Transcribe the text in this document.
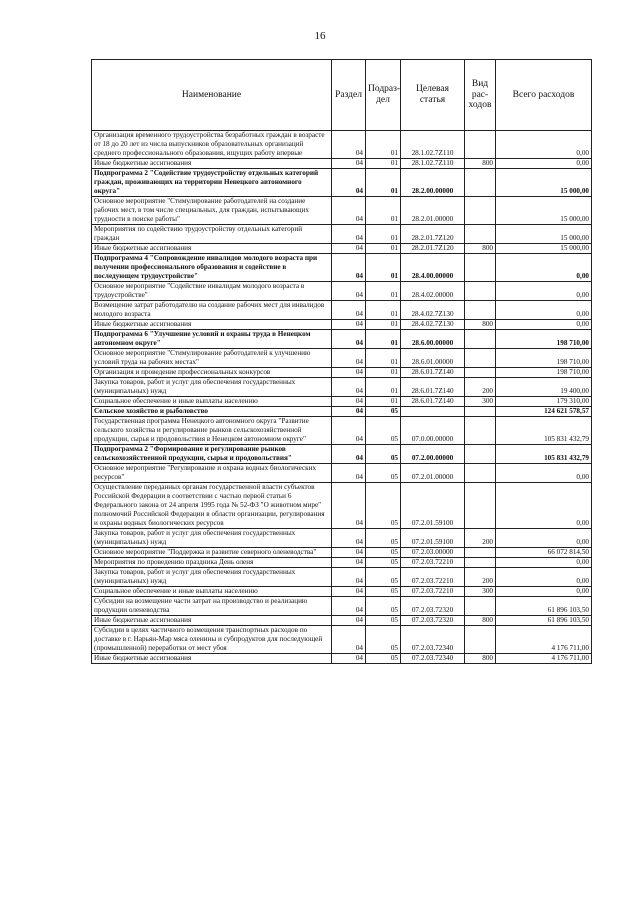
16
Наименование	Раздел	Подраз-дел	Целевая статья	Вид рас-ходов	Всего расходов
Организация временного трудоустройства безработных граждан в возрасте от 18 до 20 лет из числа выпускников образовательных организаций среднего профессионального образования, ищущих работу впервые	04	01	28.1.02.7Z110		0,00
Иные бюджетные ассигнования	04	01	28.1.02.7Z110	800	0,00
Подпрограмма 2 "Содействие трудоустройству отдельных категорий граждан, проживающих на территории Ненецкого автономного округа"	04	01	28.2.00.00000		15 000,00
Основное мероприятие "Стимулирование работодателей на создание рабочих мест, в том числе специальных, для граждан, испытывающих трудности в поиске работы"	04	01	28.2.01.00000		15 000,00
Мероприятия по содействию трудоустройству отдельных категорий граждан	04	01	28.2.01.7Z120		15 000,00
Иные бюджетные ассигнования	04	01	28.2.01.7Z120	800	15 000,00
Подпрограмма 4 "Сопровождение инвалидов молодого возраста при получении профессионального образования и содействие в последующем трудоустройстве"	04	01	28.4.00.00000		0,00
Основное мероприятие "Содействие инвалидам молодого возраста в трудоустройстве"	04	01	28.4.02.00000		0,00
Возмещение затрат работодателю на создание рабочих мест для инвалидов молодого возраста	04	01	28.4.02.7Z130		0,00
Иные бюджетные ассигнования	04	01	28.4.02.7Z130	800	0,00
Подпрограмма 6 "Улучшение условий и охраны труда в Ненецком автономном округе"	04	01	28.6.00.00000		198 710,00
Основное мероприятие "Стимулирование работодателей к улучшению условий труда на рабочих местах"	04	01	28.6.01.00000		198 710,00
Организация и проведение профессиональных конкурсов	04	01	28.6.01.7Z140		198 710,00
Закупка товаров, работ и услуг для обеспечения государственных (муниципальных) нужд	04	01	28.6.01.7Z140	200	19 400,00
Социальное обеспечение и иные выплаты населению	04	01	28.6.01.7Z140	300	179 310,00
Сельское хозяйство и рыболовство	04	05			124 621 578,57
Государственная программа Ненецкого автономного округа "Развитие сельского хозяйства и регулирование рынков сельскохозяйственной продукции, сырья и продовольствия в Ненецком автономном округе"	04	05	07.0.00.00000		105 831 432,79
Подпрограмма 2 "Формирование и регулирование рынков сельскохозяйственной продукции, сырья и продовольствия"	04	05	07.2.00.00000		105 831 432,79
Основное мероприятие "Регулирование и охрана водных биологических ресурсов"	04	05	07.2.01.00000		0,00
Осуществление переданных органам государственной власти субъектов Российской Федерации в соответствии с частью первой статьи 6 Федерального закона от 24 апреля 1995 года № 52-ФЗ "О животном мире" полномочий Российской Федерации в области организации, регулирования и охраны водных биологических ресурсов	04	05	07.2.01.59100		0,00
Закупка товаров, работ и услуг для обеспечения государственных (муниципальных) нужд	04	05	07.2.01.59100	200	0,00
Основное мероприятие "Поддержка и развитие северного оленеводства"	04	05	07.2.03.00000		66 072 814,50
Мероприятия по проведению праздника День оленя	04	05	07.2.03.72210		0,00
Закупка товаров, работ и услуг для обеспечения государственных (муниципальных) нужд	04	05	07.2.03.72210	200	0,00
Социальное обеспечение и иные выплаты населению	04	05	07.2.03.72210	300	0,00
Субсидии на возмещение части затрат на производство и реализацию продукции оленеводства	04	05	07.2.03.72320		61 896 103,50
Иные бюджетные ассигнования	04	05	07.2.03.72320	800	61 896 103,50
Субсидии в целях частичного возмещения транспортных расходов по доставке в г. Нарьян-Мар мяса оленины и субпродуктов для последующей (промышленной) переработки от мест убоя	04	05	07.2.03.72340		4 176 711,00
Иные бюджетные ассигнования	04	05	07.2.03.72340	800	4 176 711,00
